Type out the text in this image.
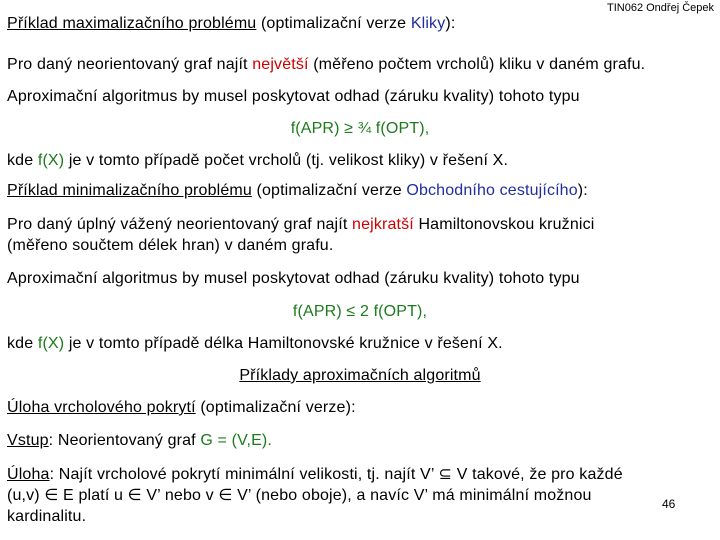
TIN062 Ondřej Čepek
Příklad maximalizačního problému (optimalizační verze Kliky):
Pro daný neorientovaný graf najít největší (měřeno počtem vrcholů) kliku v daném grafu.
Aproximační algoritmus by musel poskytovat odhad (záruku kvality) tohoto typu
f(APR) ≥ ¾ f(OPT),
kde f(X) je v tomto případě počet vrcholů (tj. velikost kliky) v řešení X.
Příklad minimalizačního problému (optimalizační verze Obchodního cestujícího):
Pro daný úplný vážený neorientovaný graf najít nejkratší Hamiltonovskou kružnici
(měřeno součtem délek hran) v daném grafu.
Aproximační algoritmus by musel poskytovat odhad (záruku kvality) tohoto typu
f(APR) ≤ 2 f(OPT),
kde f(X) je v tomto případě délka Hamiltonovské kružnice v řešení X.
Příklady aproximačních algoritmů
Úloha vrcholového pokrytí (optimalizační verze):
Vstup: Neorientovaný graf G = (V,E).
Úloha: Najít vrcholové pokrytí minimální velikosti, tj. najít V’ ⊆ V takové, že pro každé
(u,v) ∈ E platí u ∈ V’ nebo v ∈ V’ (nebo oboje), a navíc V’ má minimální možnou
kardinalitu.
46
